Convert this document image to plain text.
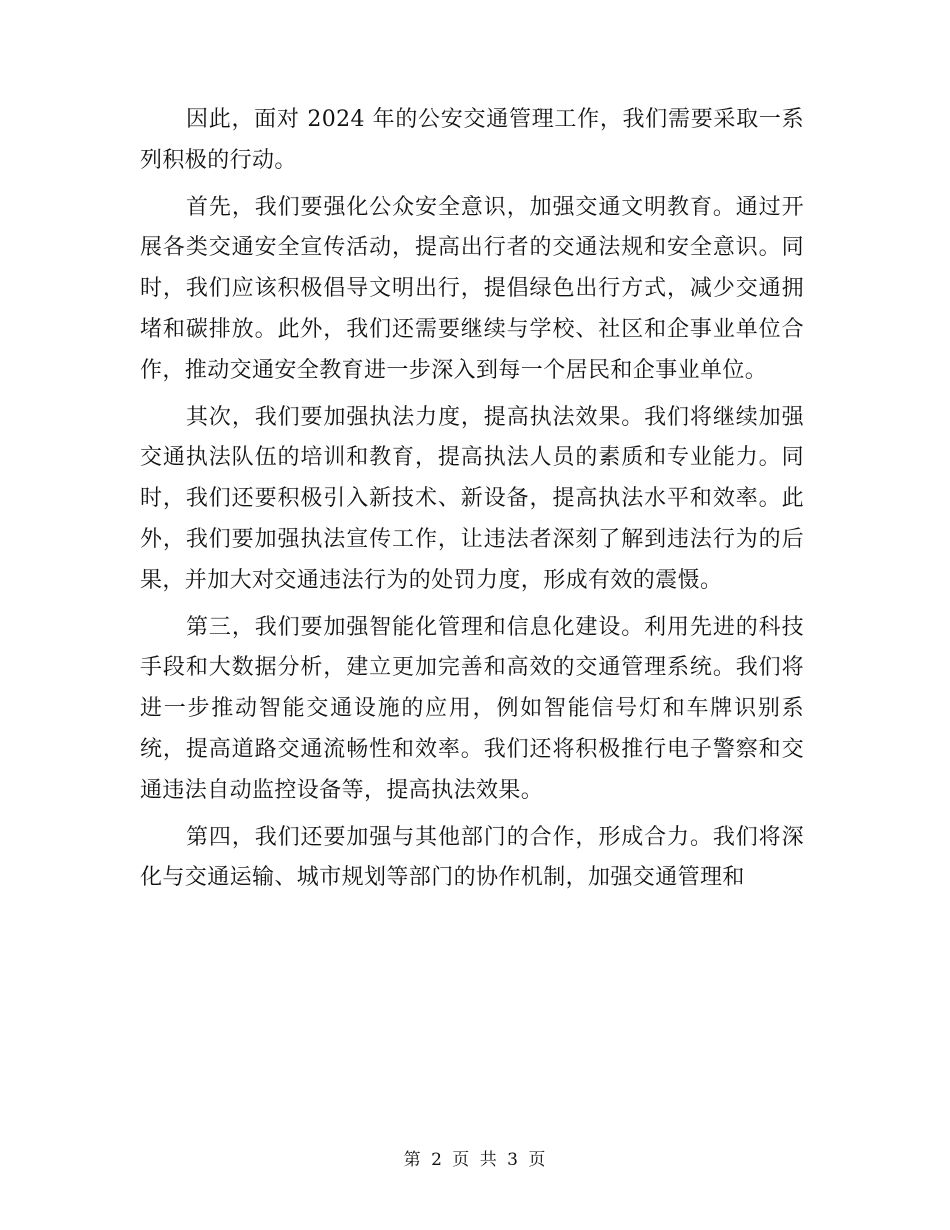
因此，面对 2024 年的公安交通管理工作，我们需要采取一系列积极的行动。

首先，我们要强化公众安全意识，加强交通文明教育。通过开展各类交通安全宣传活动，提高出行者的交通法规和安全意识。同时，我们应该积极倡导文明出行，提倡绿色出行方式，减少交通拥堵和碳排放。此外，我们还需要继续与学校、社区和企事业单位合作，推动交通安全教育进一步深入到每一个居民和企事业单位。

其次，我们要加强执法力度，提高执法效果。我们将继续加强交通执法队伍的培训和教育，提高执法人员的素质和专业能力。同时，我们还要积极引入新技术、新设备，提高执法水平和效率。此外，我们要加强执法宣传工作，让违法者深刻了解到违法行为的后果，并加大对交通违法行为的处罚力度，形成有效的震慑。

第三，我们要加强智能化管理和信息化建设。利用先进的科技手段和大数据分析，建立更加完善和高效的交通管理系统。我们将进一步推动智能交通设施的应用，例如智能信号灯和车牌识别系统，提高道路交通流畅性和效率。我们还将积极推行电子警察和交通违法自动监控设备等，提高执法效果。

第四，我们还要加强与其他部门的合作，形成合力。我们将深化与交通运输、城市规划等部门的协作机制，加强交通管理和

第 2 页 共 3 页
